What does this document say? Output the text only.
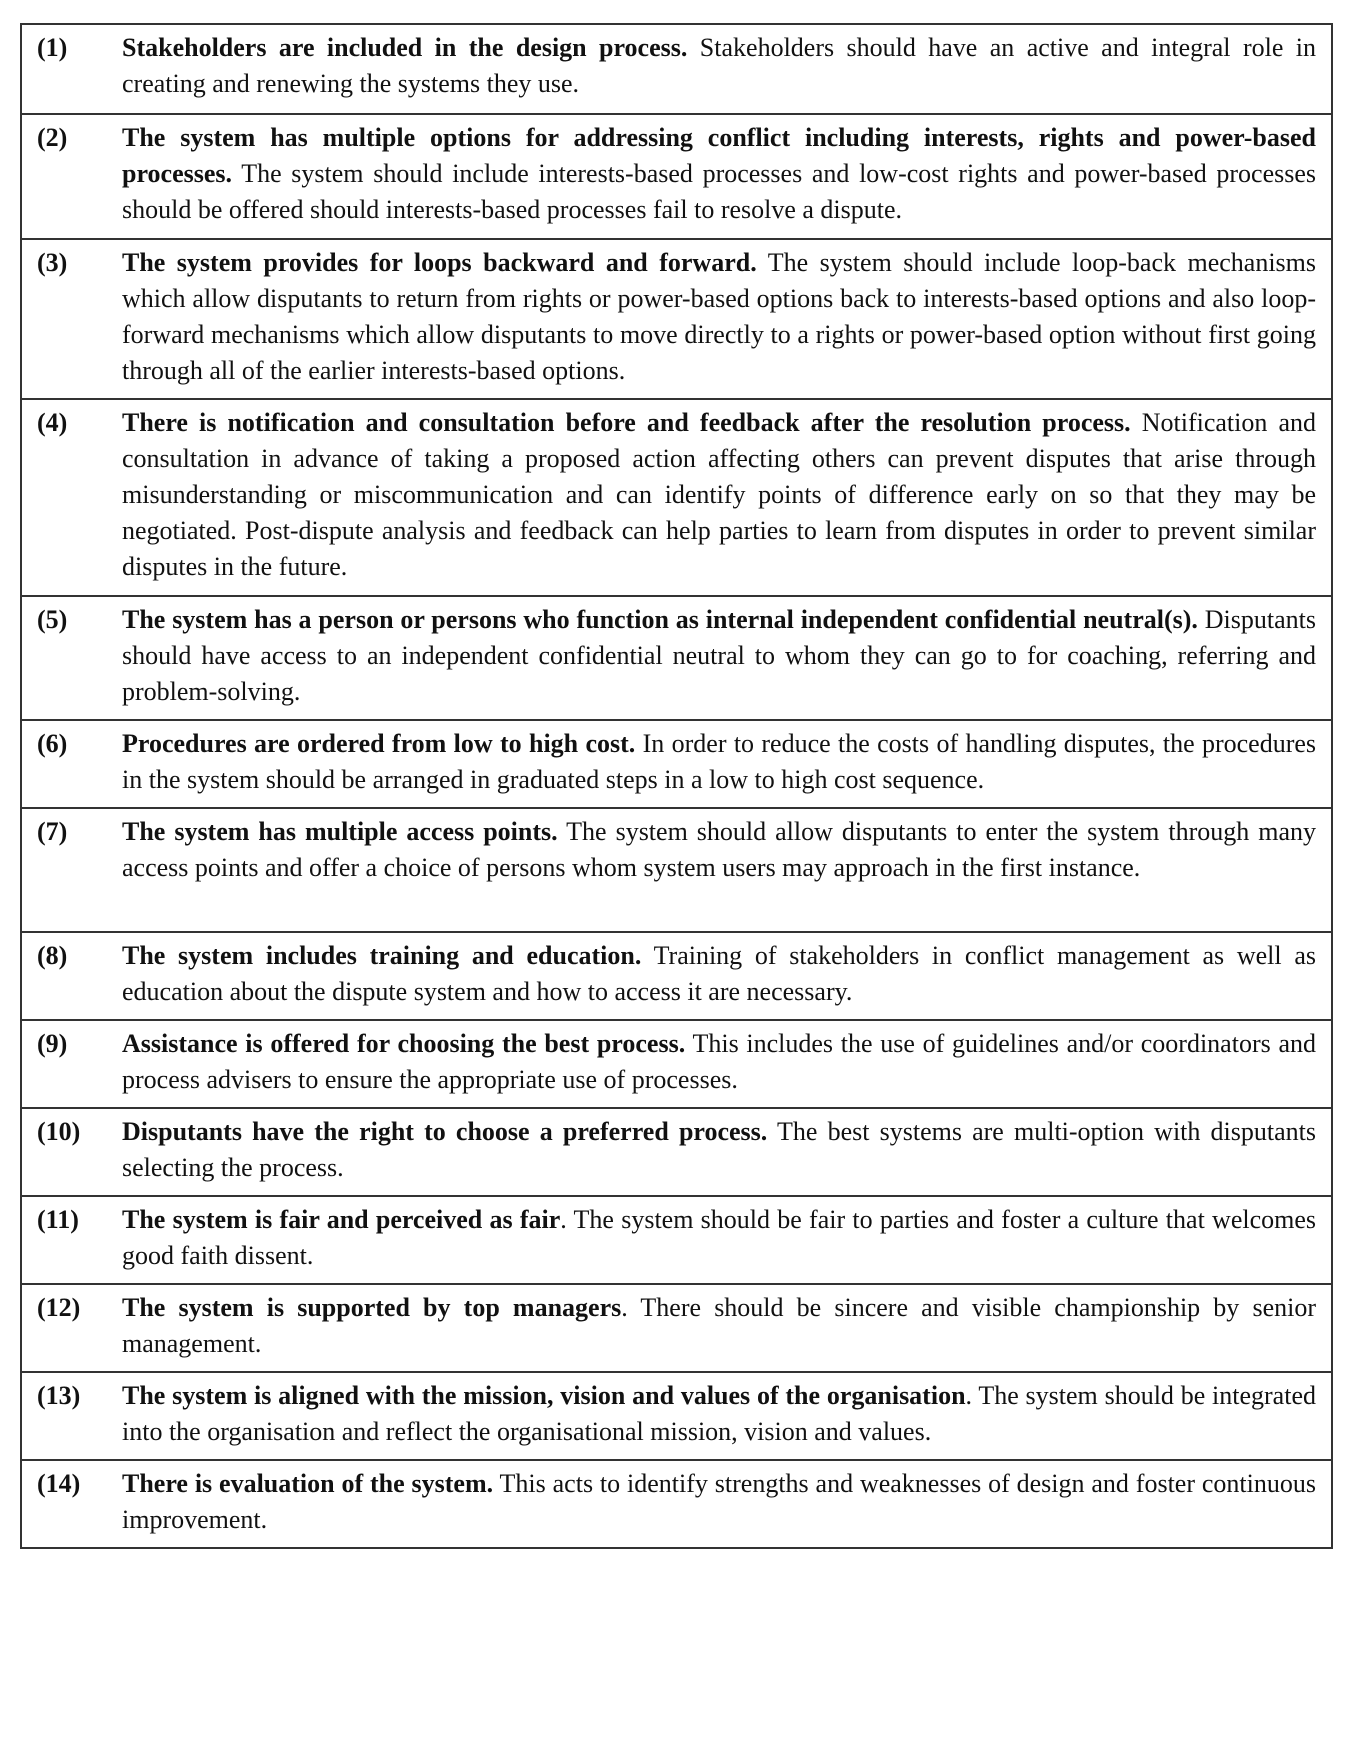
(1)	Stakeholders are included in the design process. Stakeholders should have an active and integral role in creating and renewing the systems they use.
(2)	The system has multiple options for addressing conflict including interests, rights and power-based processes. The system should include interests-based processes and low-cost rights and power-based processes should be offered should interests-based processes fail to resolve a dispute.
(3)	The system provides for loops backward and forward. The system should include loop-back mechanisms which allow disputants to return from rights or power-based options back to interests-based options and also loop-forward mechanisms which allow disputants to move directly to a rights or power-based option without first going through all of the earlier interests-based options.
(4)	There is notification and consultation before and feedback after the resolution process. Notification and consultation in advance of taking a proposed action affecting others can prevent disputes that arise through misunderstanding or miscommunication and can identify points of difference early on so that they may be negotiated. Post-dispute analysis and feedback can help parties to learn from disputes in order to prevent similar disputes in the future.
(5)	The system has a person or persons who function as internal independent confidential neutral(s). Disputants should have access to an independent confidential neutral to whom they can go to for coaching, referring and problem-solving.
(6)	Procedures are ordered from low to high cost. In order to reduce the costs of handling disputes, the procedures in the system should be arranged in graduated steps in a low to high cost sequence.
(7)	The system has multiple access points. The system should allow disputants to enter the system through many access points and offer a choice of persons whom system users may approach in the first instance.
(8)	The system includes training and education. Training of stakeholders in conflict management as well as education about the dispute system and how to access it are necessary.
(9)	Assistance is offered for choosing the best process. This includes the use of guidelines and/or coordinators and process advisers to ensure the appropriate use of processes.
(10)	Disputants have the right to choose a preferred process. The best systems are multi-option with disputants selecting the process.
(11)	The system is fair and perceived as fair. The system should be fair to parties and foster a culture that welcomes good faith dissent.
(12)	The system is supported by top managers. There should be sincere and visible championship by senior management.
(13)	The system is aligned with the mission, vision and values of the organisation. The system should be integrated into the organisation and reflect the organisational mission, vision and values.
(14)	There is evaluation of the system. This acts to identify strengths and weaknesses of design and foster continuous improvement.
